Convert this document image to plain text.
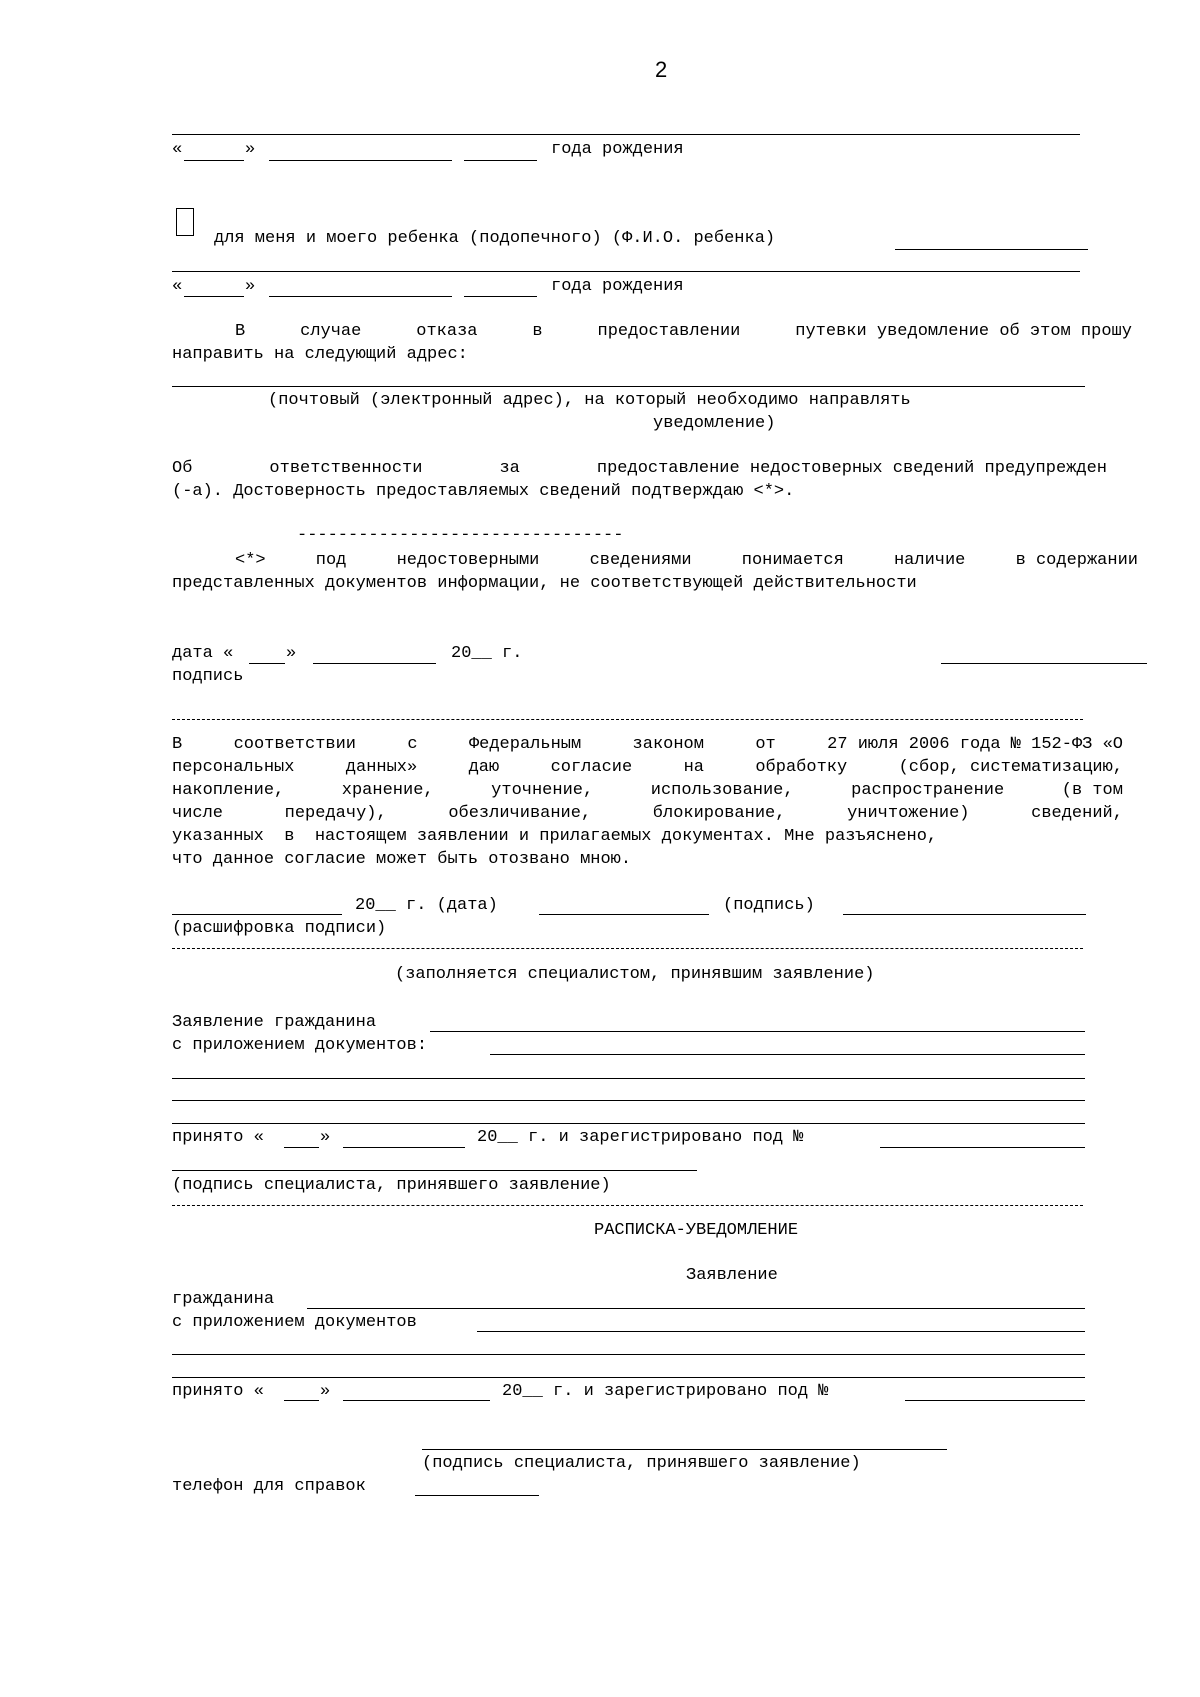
2
«	»	года рождения
для меня и моего ребенка (подопечного) (Ф.И.О. ребенка)
«	»	года рождения
В	случае	отказа	в	предоставлении	путевки уведомление об этом прошу
направить на следующий адрес:
(почтовый (электронный адрес), на который необходимо направлять
уведомление)
Об	ответственности	за	предоставление недостоверных сведений предупрежден
(-а). Достоверность предоставляемых сведений подтверждаю <*>.
--------------------------------
<*>	под	недостоверными	сведениями	понимается	наличие	в содержании
представленных документов информации, не соответствующей действительности
дата «	»	20__ г.
подпись
В	соответствии	с	Федеральным	законом	от	27 июля 2006 года № 152-ФЗ «О
персональных	данных»	даю	согласие	на	обработку	(сбор, систематизацию,
накопление,	хранение,	уточнение,	использование,	распространение	(в том
числе	передачу),	обезличивание,	блокирование,	уничтожение)	сведений,
указанных  в  настоящем заявлении и прилагаемых документах. Мне разъяснено,
что данное согласие может быть отозвано мною.
20__ г. (дата)	(подпись)
(расшифровка подписи)
(заполняется специалистом, принявшим заявление)
Заявление гражданина
с приложением документов:
принято «	»	20__ г. и зарегистрировано под №
(подпись специалиста, принявшего заявление)
РАСПИСКА-УВЕДОМЛЕНИЕ
Заявление
гражданина
с приложением документов
принято «	»	20__ г. и зарегистрировано под №
(подпись специалиста, принявшего заявление)
телефон для справок
